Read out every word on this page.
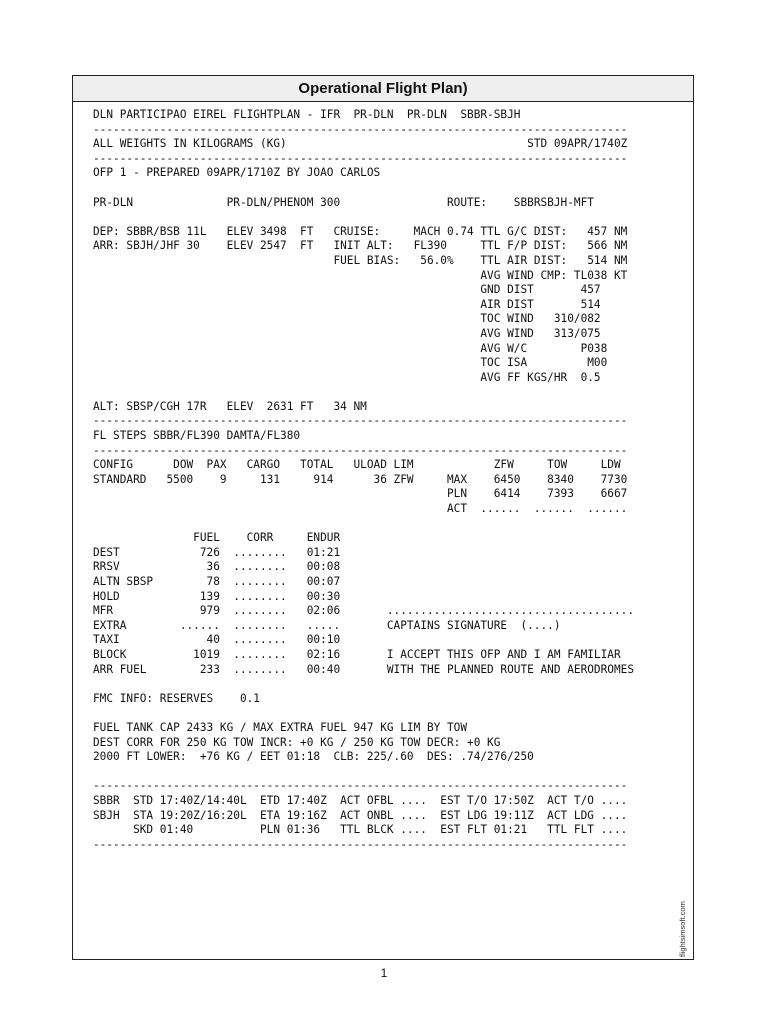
Operational Flight Plan)
DLN PARTICIPAO EIREL FLIGHTPLAN - IFR  PR-DLN  PR-DLN  SBBR-SBJH
--------------------------------------------------------------------------------
ALL WEIGHTS IN KILOGRAMS (KG)                                    STD 09APR/1740Z
--------------------------------------------------------------------------------
OFP 1 - PREPARED 09APR/1710Z BY JOAO CARLOS
PR-DLN              PR-DLN/PHENOM 300                ROUTE:    SBBRSBJH-MFT
DEP: SBBR/BSB 11L   ELEV 3498  FT   CRUISE:     MACH 0.74 TTL G/C DIST:   457 NM
ARR: SBJH/JHF 30    ELEV 2547  FT   INIT ALT:   FL390     TTL F/P DIST:   566 NM
FUEL BIAS:   56.0%    TTL AIR DIST:   514 NM
AVG WIND CMP: TL038 KT
GND DIST       457
AIR DIST       514
TOC WIND   310/082
AVG WIND   313/075
AVG W/C        P038
TOC ISA         M00
AVG FF KGS/HR  0.5
ALT: SBSP/CGH 17R   ELEV  2631 FT   34 NM
--------------------------------------------------------------------------------
FL STEPS SBBR/FL390 DAMTA/FL380
--------------------------------------------------------------------------------
CONFIG      DOW  PAX   CARGO   TOTAL   ULOAD LIM            ZFW     TOW     LDW
STANDARD   5500    9     131     914      36 ZFW     MAX    6450    8340    7730
PLN    6414    7393    6667
ACT  ......  ......  ......
FUEL    CORR     ENDUR
DEST            726  ........   01:21
RRSV             36  ........   00:08
ALTN SBSP        78  ........   00:07
HOLD            139  ........   00:30
MFR             979  ........   02:06       .....................................
EXTRA        ......  ........   .....       CAPTAINS SIGNATURE  (....)
TAXI             40  ........   00:10
BLOCK          1019  ........   02:16       I ACCEPT THIS OFP AND I AM FAMILIAR
ARR FUEL        233  ........   00:40       WITH THE PLANNED ROUTE AND AERODROMES
FMC INFO: RESERVES    0.1
FUEL TANK CAP 2433 KG / MAX EXTRA FUEL 947 KG LIM BY TOW
DEST CORR FOR 250 KG TOW INCR: +0 KG / 250 KG TOW DECR: +0 KG
2000 FT LOWER:  +76 KG / EET 01:18  CLB: 225/.60  DES: .74/276/250
--------------------------------------------------------------------------------
SBBR  STD 17:40Z/14:40L  ETD 17:40Z  ACT OFBL ....  EST T/O 17:50Z  ACT T/O ....
SBJH  STA 19:20Z/16:20L  ETA 19:16Z  ACT ONBL ....  EST LDG 19:11Z  ACT LDG ....
SKD 01:40          PLN 01:36   TTL BLCK ....  EST FLT 01:21   TTL FLT ....
--------------------------------------------------------------------------------
flightsimsoft.com
1
